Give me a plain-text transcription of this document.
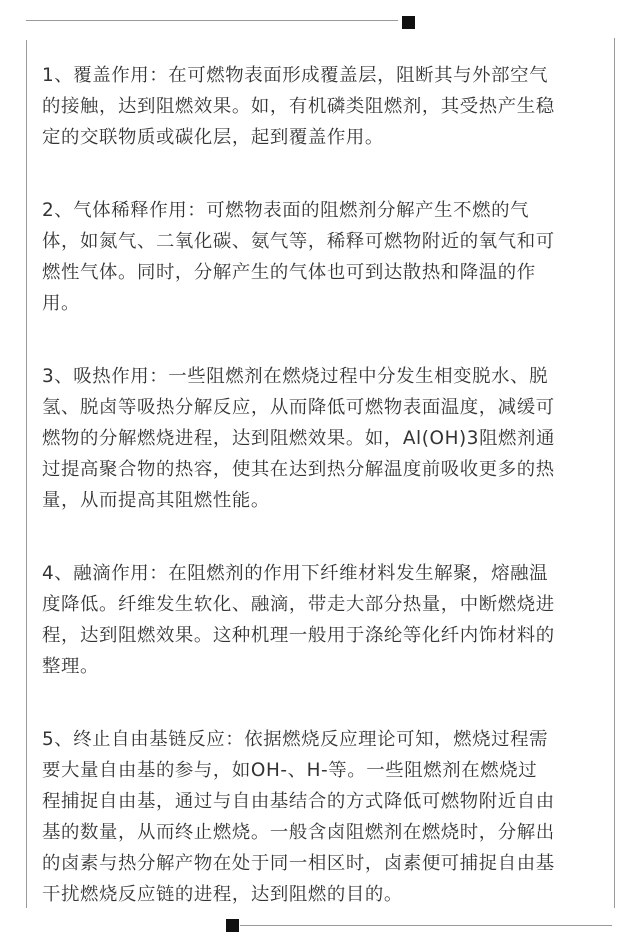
1、覆盖作用：在可燃物表面形成覆盖层，阻断其与外部空气
的接触，达到阻燃效果。如，有机磷类阻燃剂，其受热产生稳
定的交联物质或碳化层，起到覆盖作用。

2、气体稀释作用：可燃物表面的阻燃剂分解产生不燃的气
体，如氮气、二氧化碳、氨气等，稀释可燃物附近的氧气和可
燃性气体。同时，分解产生的气体也可到达散热和降温的作
用。

3、吸热作用：一些阻燃剂在燃烧过程中分发生相变脱水、脱
氢、脱卤等吸热分解反应，从而降低可燃物表面温度，减缓可
燃物的分解燃烧进程，达到阻燃效果。如，Al(OH)3阻燃剂通
过提高聚合物的热容，使其在达到热分解温度前吸收更多的热
量，从而提高其阻燃性能。

4、融滴作用：在阻燃剂的作用下纤维材料发生解聚，熔融温
度降低。纤维发生软化、融滴，带走大部分热量，中断燃烧进
程，达到阻燃效果。这种机理一般用于涤纶等化纤内饰材料的
整理。

5、终止自由基链反应：依据燃烧反应理论可知，燃烧过程需
要大量自由基的参与，如OH-、H-等。一些阻燃剂在燃烧过
程捕捉自由基，通过与自由基结合的方式降低可燃物附近自由
基的数量，从而终止燃烧。一般含卤阻燃剂在燃烧时，分解出
的卤素与热分解产物在处于同一相区时，卤素便可捕捉自由基
干扰燃烧反应链的进程，达到阻燃的目的。
